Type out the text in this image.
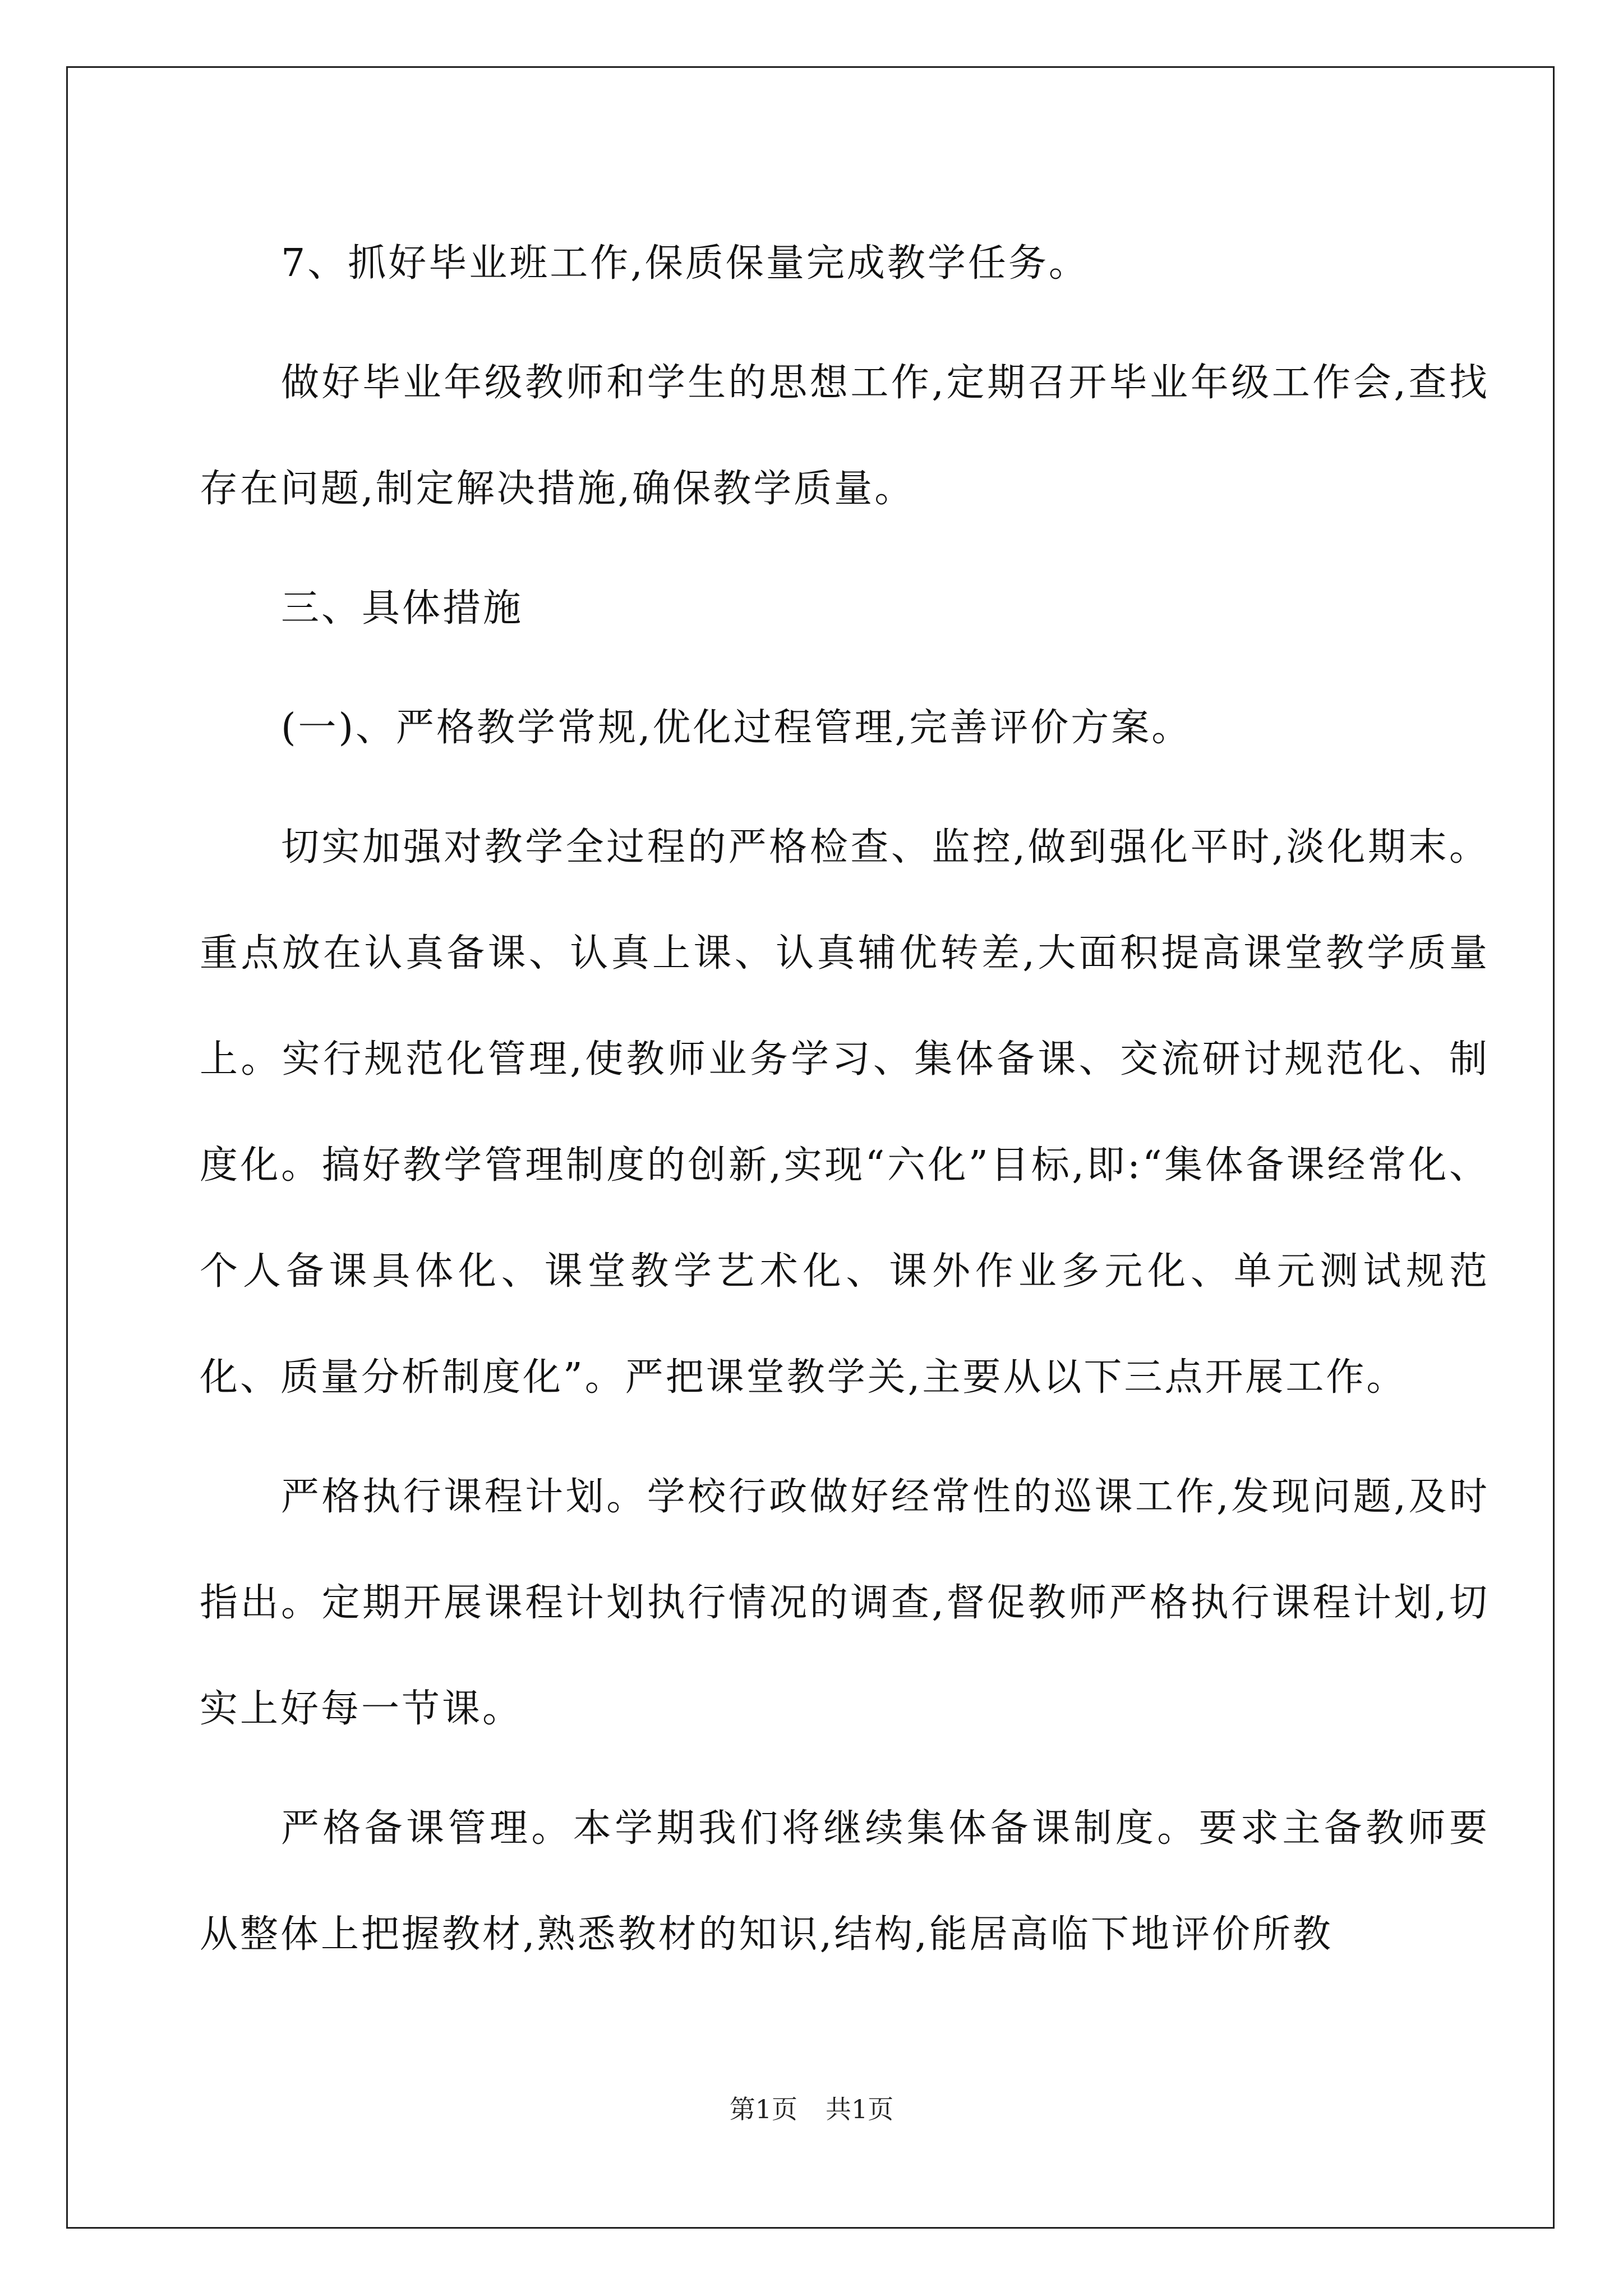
7、抓好毕业班工作,保质保量完成教学任务。

做好毕业年级教师和学生的思想工作,定期召开毕业年级工作会,查找存在问题,制定解决措施,确保教学质量。

三、具体措施

(一)、严格教学常规,优化过程管理,完善评价方案。

切实加强对教学全过程的严格检查、监控,做到强化平时,淡化期末。重点放在认真备课、认真上课、认真辅优转差,大面积提高课堂教学质量上。实行规范化管理,使教师业务学习、集体备课、交流研讨规范化、制度化。搞好教学管理制度的创新,实现“六化”目标,即:“集体备课经常化、个人备课具体化、课堂教学艺术化、课外作业多元化、单元测试规范化、质量分析制度化”。严把课堂教学关,主要从以下三点开展工作。

严格执行课程计划。学校行政做好经常性的巡课工作,发现问题,及时指出。定期开展课程计划执行情况的调查,督促教师严格执行课程计划,切实上好每一节课。

严格备课管理。本学期我们将继续集体备课制度。要求主备教师要从整体上把握教材,熟悉教材的知识,结构,能居高临下地评价所教

第1页 共1页
